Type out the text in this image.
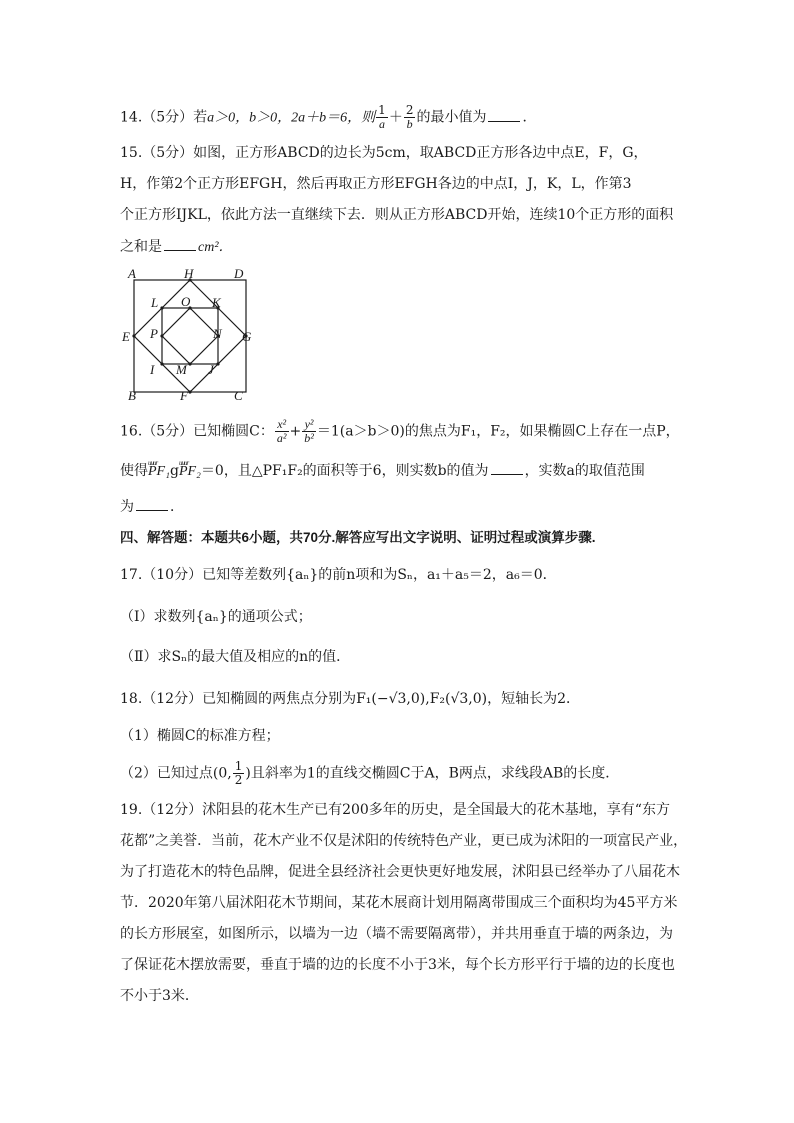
14.（5分）若a＞0，b＞0，2a＋b＝6，则 $\frac{1}{a} + \frac{2}{b}$ 的最小值为	．
15.（5分）如图，正方形ABCD的边长为5cm，取ABCD正方形各边中点E，F，G，
H，作第2个正方形EFGH，然后再取正方形EFGH各边的中点I，J，K，L，作第3
个正方形IJKL，依此方法一直继续下去．则从正方形ABCD开始，连续10个正方形的面积
之和是	cm²．
A	H	D
L O K
E P	N G
I M J
B	F	C
16.（5分）已知椭圆C： $\frac{\text{x²}}{\text{a²}} + \frac{\text{y²}}{\text{b²}} =1(a>b>0)$的焦点为F₁，F₂，如果椭圆C上存在一点P，
使得uuur PF₁guuur PF₂＝0，且△PF₁F₂的面积等于6，则实数b的值为	，实数a的取值范围
为	．
四、解答题：本题共6小题，共70分.解答应写出文字说明、证明过程或演算步骤.
17.（10分）已知等差数列{aₙ}的前n项和为Sₙ，a₁＋a₅＝2，a₆＝0．
（Ⅰ）求数列{aₙ}的通项公式；
（Ⅱ）求Sₙ的最大值及相应的n的值．
18.（12分）已知椭圆的两焦点分别为F₁(−√3,0),F₂(√3,0)，短轴长为2．
（1）椭圆C的标准方程；
（2）已知过点(0, $\frac{1}{2}$ )且斜率为1的直线交椭圆C于A，B两点，求线段AB的长度．
19.（12分）沭阳县的花木生产已有200多年的历史，是全国最大的花木基地，享有“东方
花都”之美誉．当前，花木产业不仅是沭阳的传统特色产业，更已成为沭阳的一项富民产业，
为了打造花木的特色品牌，促进全县经济社会更快更好地发展，沭阳县已经举办了八届花木
节．2020年第八届沭阳花木节期间，某花木展商计划用隔离带围成三个面积均为45平方米
的长方形展室，如图所示，以墙为一边（墙不需要隔离带），并共用垂直于墙的两条边，为
了保证花木摆放需要，垂直于墙的边的长度不小于3米，每个长方形平行于墙的边的长度也
不小于3米．
